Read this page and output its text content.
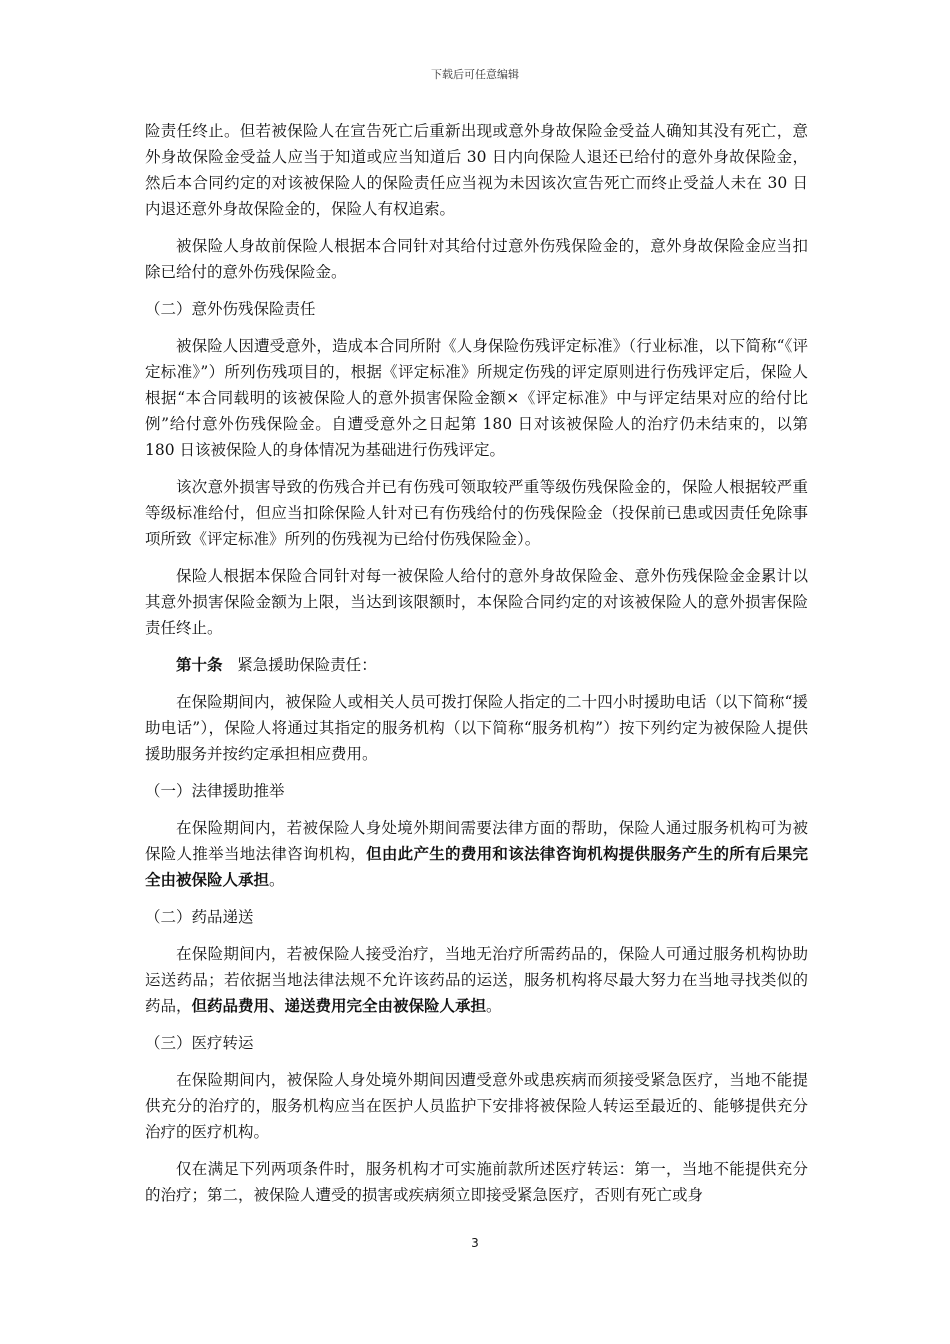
下载后可任意编辑

险责任终止。但若被保险人在宣告死亡后重新出现或意外身故保险金受益人确知其没有死亡，意外身故保险金受益人应当于知道或应当知道后 30 日内向保险人退还已给付的意外身故保险金，然后本合同约定的对该被保险人的保险责任应当视为未因该次宣告死亡而终止受益人未在 30 日内退还意外身故保险金的，保险人有权追索。

被保险人身故前保险人根据本合同针对其给付过意外伤残保险金的，意外身故保险金应当扣除已给付的意外伤残保险金。

（二）意外伤残保险责任

被保险人因遭受意外，造成本合同所附《人身保险伤残评定标准》（行业标准，以下简称“《评定标准》”）所列伤残项目的，根据《评定标准》所规定伤残的评定原则进行伤残评定后，保险人根据“本合同载明的该被保险人的意外损害保险金额×《评定标准》中与评定结果对应的给付比例”给付意外伤残保险金。自遭受意外之日起第 180 日对该被保险人的治疗仍未结束的，以第 180 日该被保险人的身体情况为基础进行伤残评定。

该次意外损害导致的伤残合并已有伤残可领取较严重等级伤残保险金的，保险人根据较严重等级标准给付，但应当扣除保险人针对已有伤残给付的伤残保险金（投保前已患或因责任免除事项所致《评定标准》所列的伤残视为已给付伤残保险金）。

保险人根据本保险合同针对每一被保险人给付的意外身故保险金、意外伤残保险金金累计以其意外损害保险金额为上限，当达到该限额时，本保险合同约定的对该被保险人的意外损害保险责任终止。

第十条 紧急援助保险责任：

在保险期间内，被保险人或相关人员可拨打保险人指定的二十四小时援助电话（以下简称“援助电话”），保险人将通过其指定的服务机构（以下简称“服务机构”）按下列约定为被保险人提供援助服务并按约定承担相应费用。

（一）法律援助推举

在保险期间内，若被保险人身处境外期间需要法律方面的帮助，保险人通过服务机构可为被保险人推举当地法律咨询机构，但由此产生的费用和该法律咨询机构提供服务产生的所有后果完全由被保险人承担。

（二）药品递送

在保险期间内，若被保险人接受治疗，当地无治疗所需药品的，保险人可通过服务机构协助运送药品；若依据当地法律法规不允许该药品的运送，服务机构将尽最大努力在当地寻找类似的药品，但药品费用、递送费用完全由被保险人承担。

（三）医疗转运

在保险期间内，被保险人身处境外期间因遭受意外或患疾病而须接受紧急医疗，当地不能提供充分的治疗的，服务机构应当在医护人员监护下安排将被保险人转运至最近的、能够提供充分治疗的医疗机构。

仅在满足下列两项条件时，服务机构才可实施前款所述医疗转运：第一，当地不能提供充分的治疗；第二，被保险人遭受的损害或疾病须立即接受紧急医疗，否则有死亡或身

3
